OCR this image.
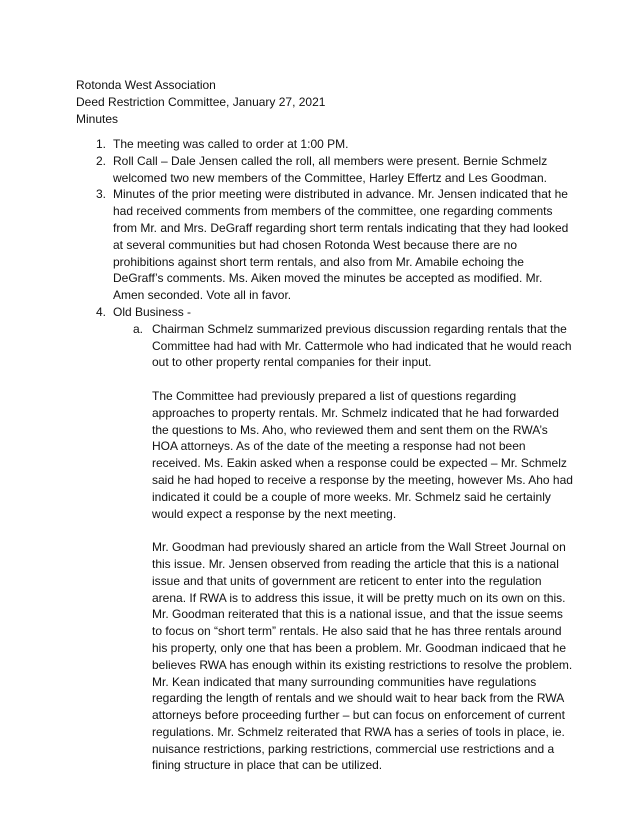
Rotonda West Association
Deed Restriction Committee, January 27, 2021
Minutes
1. The meeting was called to order at 1:00 PM.

2. Roll Call – Dale Jensen called the roll, all members were present. Bernie Schmelz welcomed two new members of the Committee, Harley Effertz and Les Goodman.

3. Minutes of the prior meeting were distributed in advance. Mr. Jensen indicated that he had received comments from members of the committee, one regarding comments from Mr. and Mrs. DeGraff regarding short term rentals indicating that they had looked at several communities but had chosen Rotonda West because there are no prohibitions against short term rentals, and also from Mr. Amabile echoing the DeGraff’s comments. Ms. Aiken moved the minutes be accepted as modified. Mr. Amen seconded. Vote all in favor.

4. Old Business -

a. Chairman Schmelz summarized previous discussion regarding rentals that the Committee had had with Mr. Cattermole who had indicated that he would reach out to other property rental companies for their input.

The Committee had previously prepared a list of questions regarding approaches to property rentals. Mr. Schmelz indicated that he had forwarded the questions to Ms. Aho, who reviewed them and sent them on the RWA’s HOA attorneys. As of the date of the meeting a response had not been received. Ms. Eakin asked when a response could be expected – Mr. Schmelz said he had hoped to receive a response by the meeting, however Ms. Aho had indicated it could be a couple of more weeks. Mr. Schmelz said he certainly would expect a response by the next meeting.

Mr. Goodman had previously shared an article from the Wall Street Journal on this issue. Mr. Jensen observed from reading the article that this is a national issue and that units of government are reticent to enter into the regulation arena. If RWA is to address this issue, it will be pretty much on its own on this. Mr. Goodman reiterated that this is a national issue, and that the issue seems to focus on “short term” rentals. He also said that he has three rentals around his property, only one that has been a problem. Mr. Goodman indicaed that he believes RWA has enough within its existing restrictions to resolve the problem. Mr. Kean indicated that many surrounding communities have regulations regarding the length of rentals and we should wait to hear back from the RWA attorneys before proceeding further – but can focus on enforcement of current regulations. Mr. Schmelz reiterated that RWA has a series of tools in place, ie. nuisance restrictions, parking restrictions, commercial use restrictions and a fining structure in place that can be utilized.
